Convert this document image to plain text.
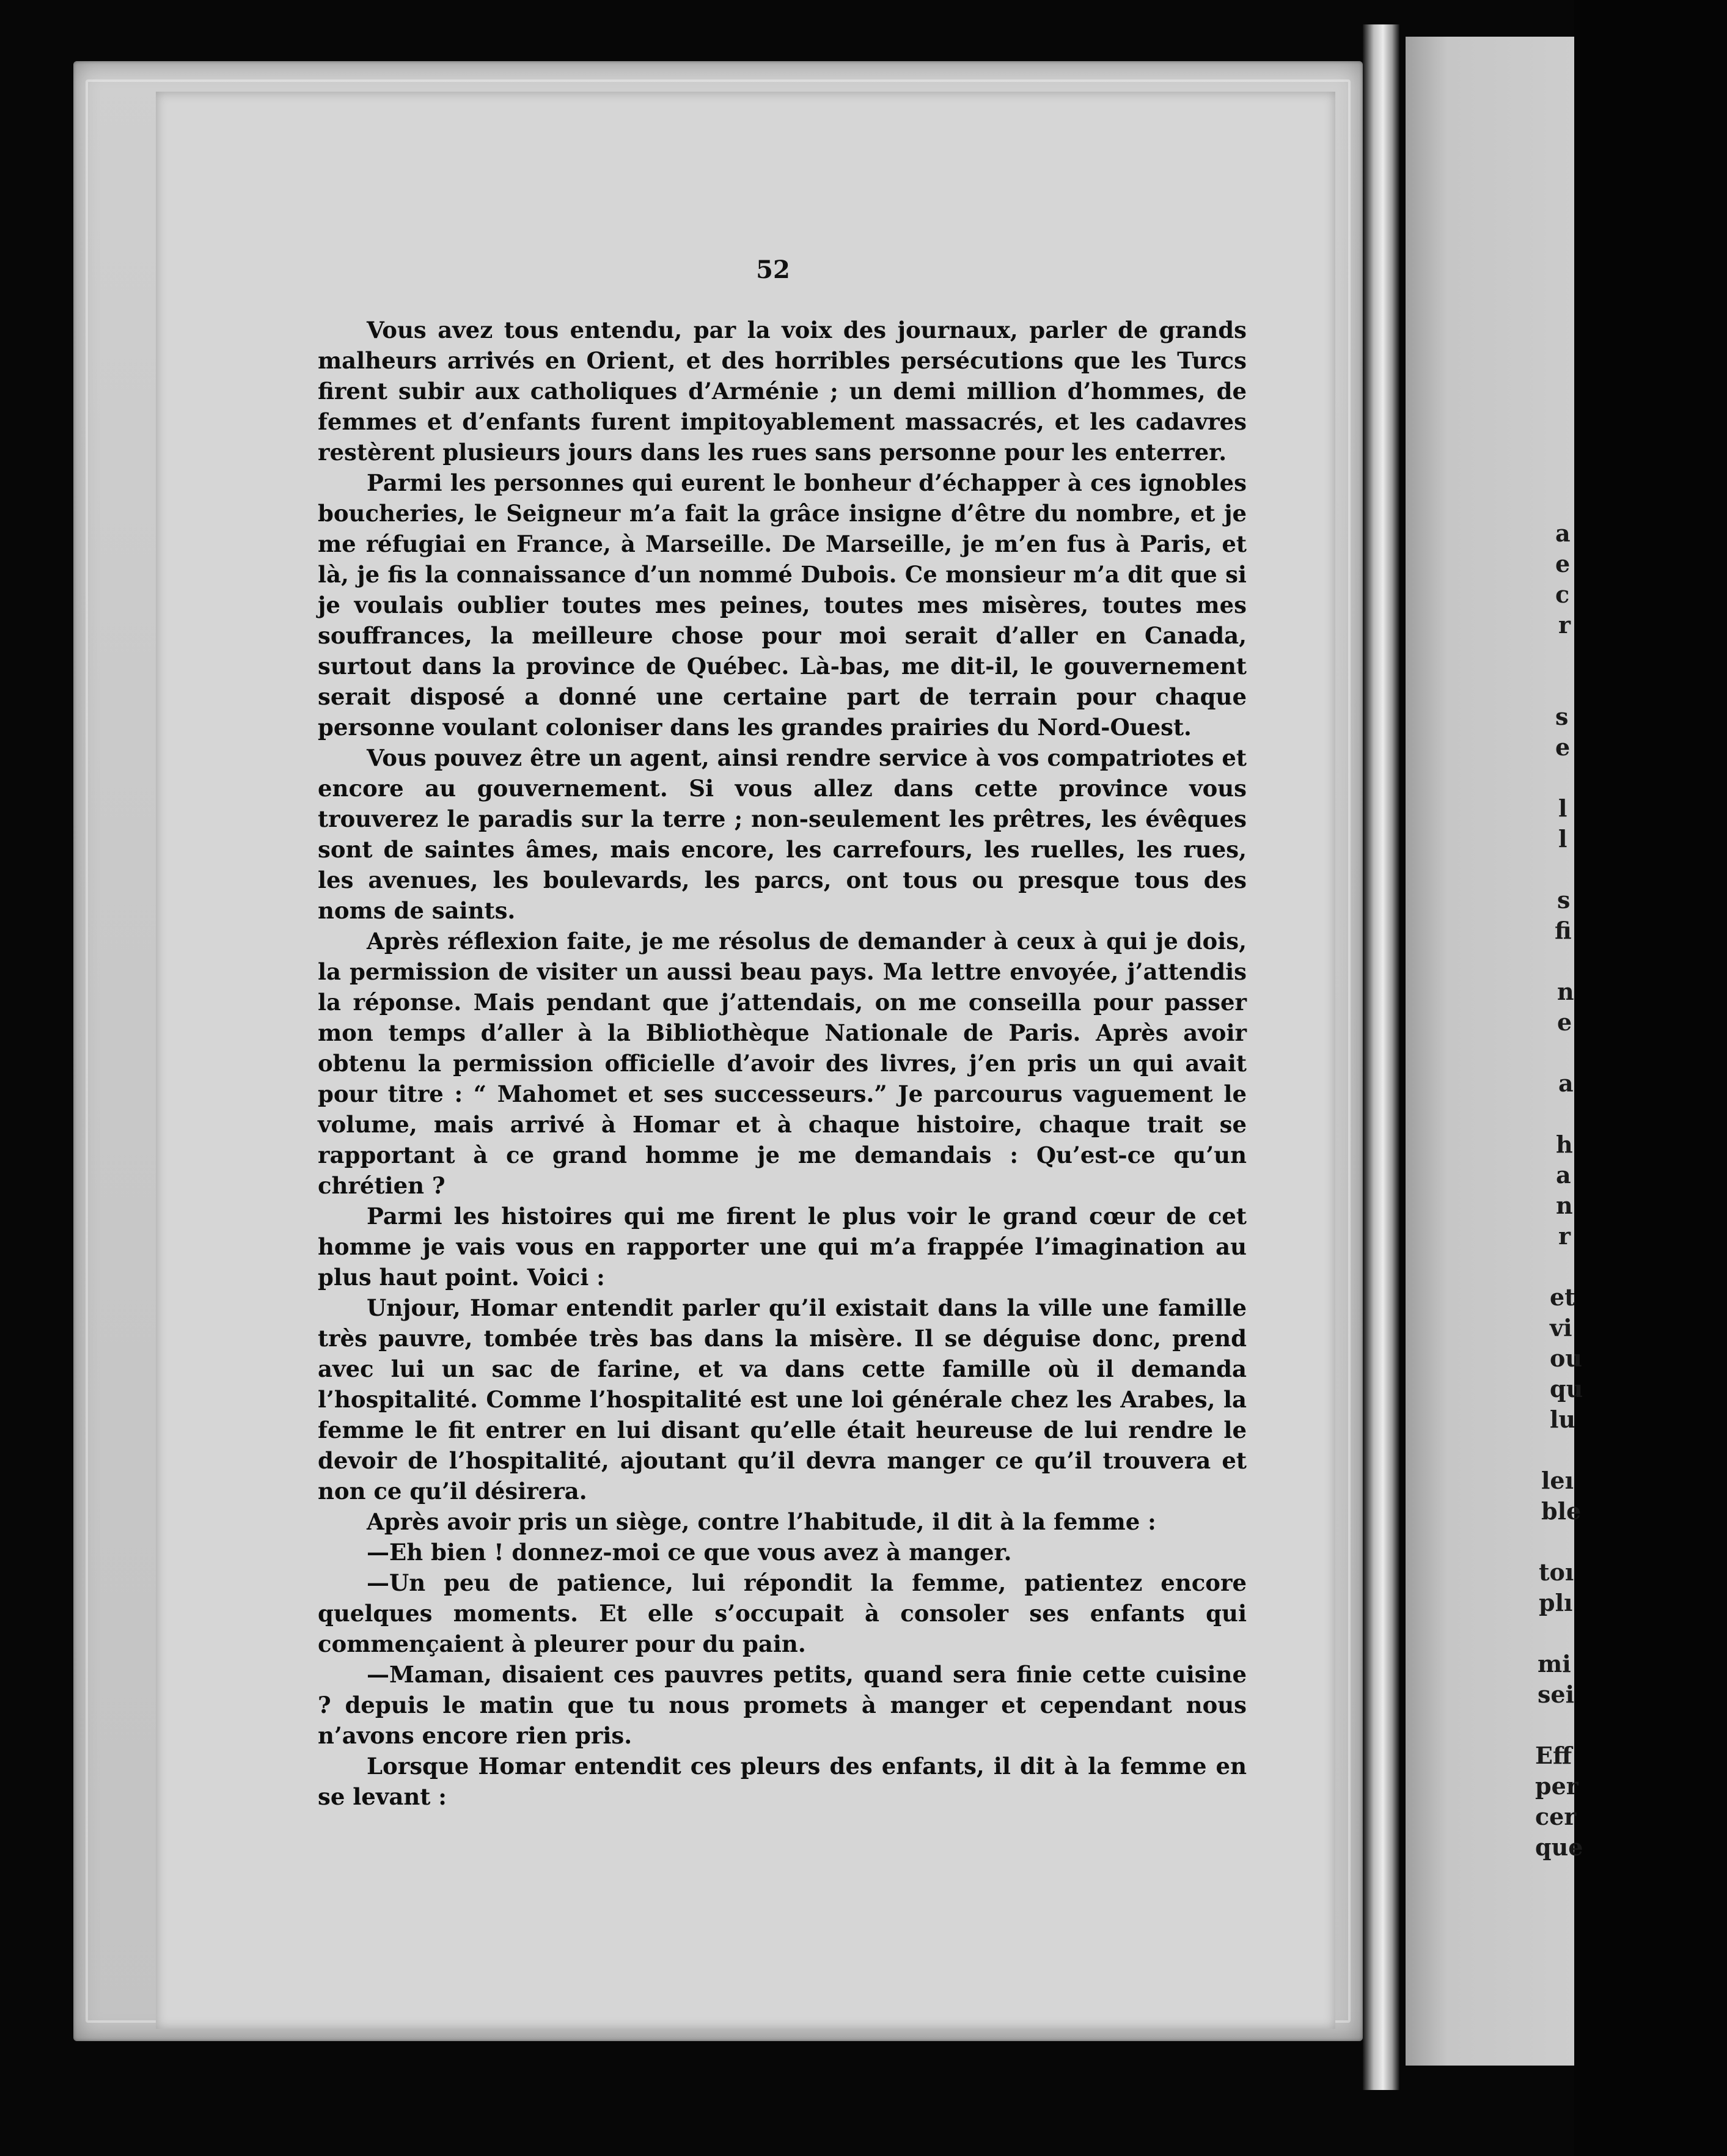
a
e
c
r
s
e
l
l
s
fi
n
e
a
h
a
n
r
et
vi
ou
qu
lu
leı
ble
toı
plı
mi
sei
Eff
per
cer
que
52

Vous avez tous entendu, par la voix des journaux, parler de grands malheurs arrivés en Orient, et des horribles persécutions que les Turcs firent subir aux catholiques d’Arménie ; un demi million d’hommes, de femmes et d’enfants furent impitoyablement massacrés, et les cadavres restèrent plusieurs jours dans les rues sans personne pour les enterrer.

Parmi les personnes qui eurent le bonheur d’échapper à ces ignobles boucheries, le Seigneur m’a fait la grâce insigne d’être du nombre, et je me réfugiai en France, à Marseille. De Marseille, je m’en fus à Paris, et là, je fis la connaissance d’un nommé Dubois. Ce monsieur m’a dit que si je voulais oublier toutes mes peines, toutes mes misères, toutes mes souffrances, la meilleure chose pour moi serait d’aller en Canada, surtout dans la province de Québec. Là-bas, me dit-il, le gouvernement serait disposé a donné une certaine part de terrain pour chaque personne voulant coloniser dans les grandes prairies du Nord-Ouest.

Vous pouvez être un agent, ainsi rendre service à vos compatriotes et encore au gouvernement. Si vous allez dans cette province vous trouverez le paradis sur la terre ; non-seulement les prêtres, les évêques sont de saintes âmes, mais encore, les carrefours, les ruelles, les rues, les avenues, les boulevards, les parcs, ont tous ou presque tous des noms de saints.

Après réflexion faite, je me résolus de demander à ceux à qui je dois, la permission de visiter un aussi beau pays. Ma lettre envoyée, j’attendis la réponse. Mais pendant que j’attendais, on me conseilla pour passer mon temps d’aller à la Bibliothèque Nationale de Paris. Après avoir obtenu la permission officielle d’avoir des livres, j’en pris un qui avait pour titre : “ Mahomet et ses successeurs.” Je parcourus vaguement le volume, mais arrivé à Homar et à chaque histoire, chaque trait se rapportant à ce grand homme je me demandais : Qu’est-ce qu’un chrétien ?

Parmi les histoires qui me firent le plus voir le grand cœur de cet homme je vais vous en rapporter une qui m’a frappée l’imagination au plus haut point. Voici :

Unjour, Homar entendit parler qu’il existait dans la ville une famille très pauvre, tombée très bas dans la misère. Il se déguise donc, prend avec lui un sac de farine, et va dans cette famille où il demanda l’hospitalité. Comme l’hospitalité est une loi générale chez les Arabes, la femme le fit entrer en lui disant qu’elle était heureuse de lui rendre le devoir de l’hospitalité, ajoutant qu’il devra manger ce qu’il trouvera et non ce qu’il désirera.

Après avoir pris un siège, contre l’habitude, il dit à la femme :

—Eh bien ! donnez-moi ce que vous avez à manger.

—Un peu de patience, lui répondit la femme, patientez encore quelques moments. Et elle s’occupait à consoler ses enfants qui commençaient à pleurer pour du pain.

—Maman, disaient ces pauvres petits, quand sera finie cette cuisine ? depuis le matin que tu nous promets à manger et cependant nous n’avons encore rien pris.

Lorsque Homar entendit ces pleurs des enfants, il dit à la femme en se levant :
